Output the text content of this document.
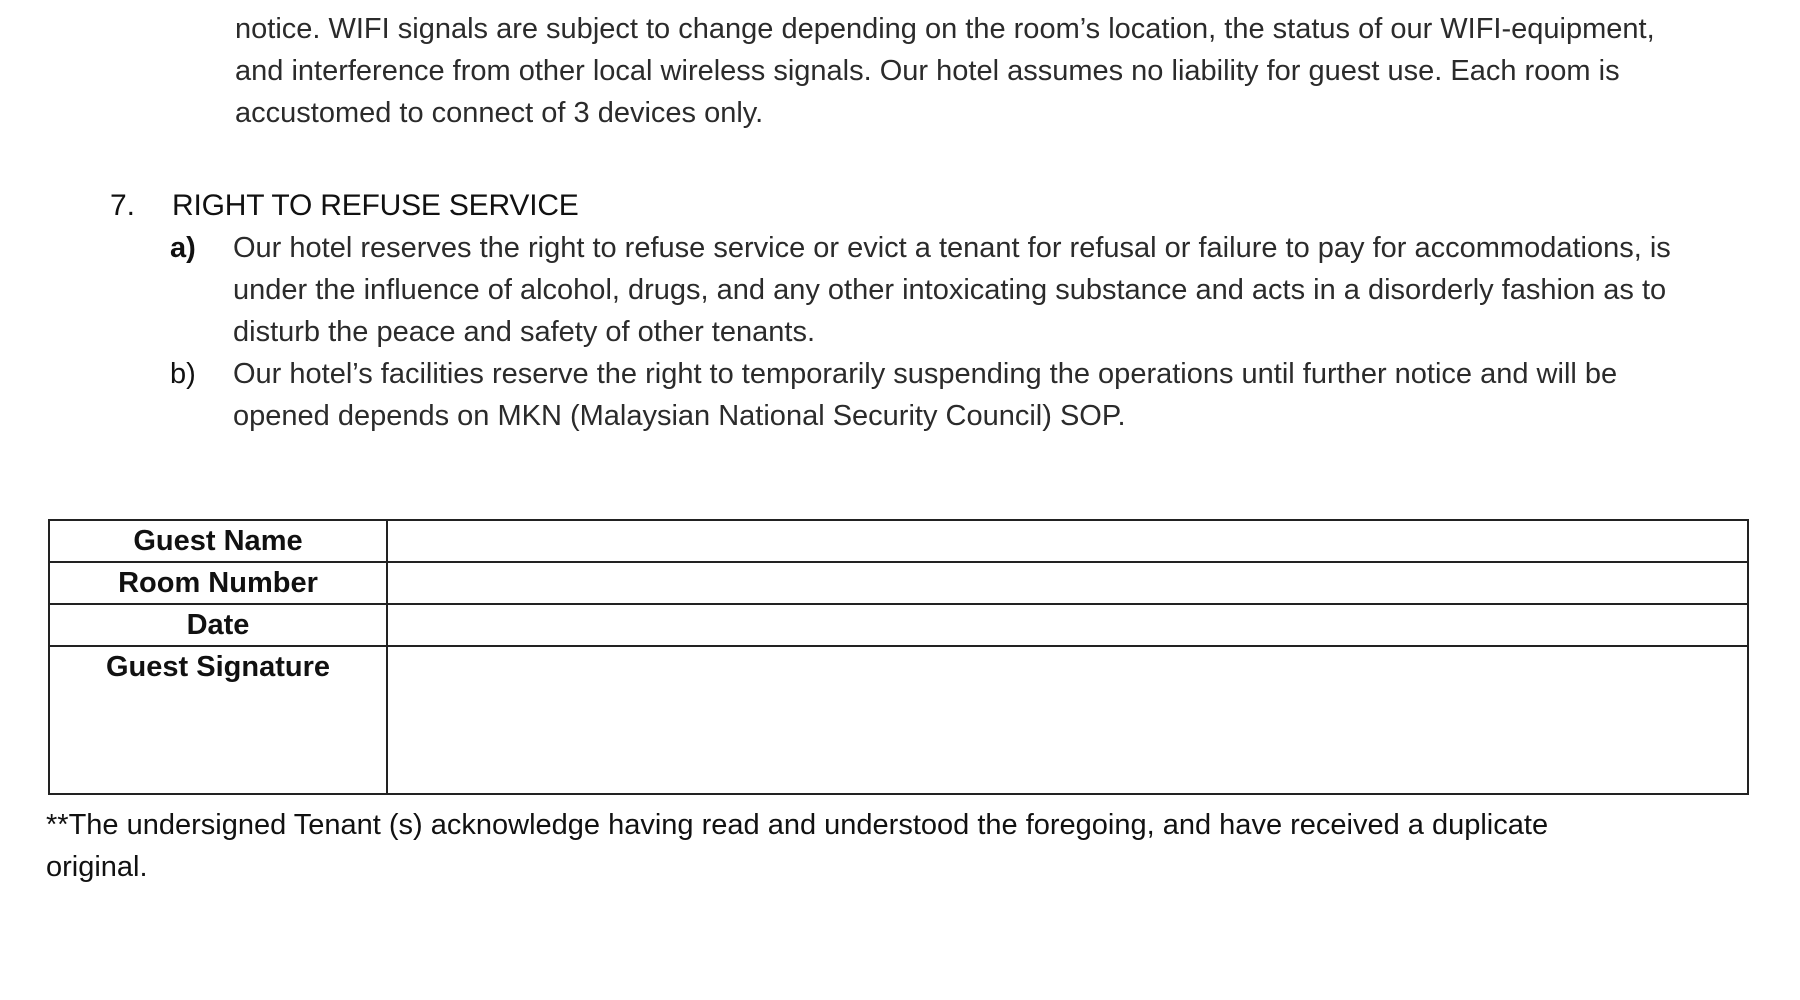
notice. WIFI signals are subject to change depending on the room’s location, the status of our WIFI-equipment,
and interference from other local wireless signals. Our hotel assumes no liability for guest use. Each room is
accustomed to connect of 3 devices only.
7. RIGHT TO REFUSE SERVICE
a) Our hotel reserves the right to refuse service or evict a tenant for refusal or failure to pay for accommodations, is
under the influence of alcohol, drugs, and any other intoxicating substance and acts in a disorderly fashion as to
disturb the peace and safety of other tenants.
b) Our hotel’s facilities reserve the right to temporarily suspending the operations until further notice and will be
opened depends on MKN (Malaysian National Security Council) SOP.
Guest Name	
Room Number	
Date	
Guest Signature	
**The undersigned Tenant (s) acknowledge having read and understood the foregoing, and have received a duplicate
original.
